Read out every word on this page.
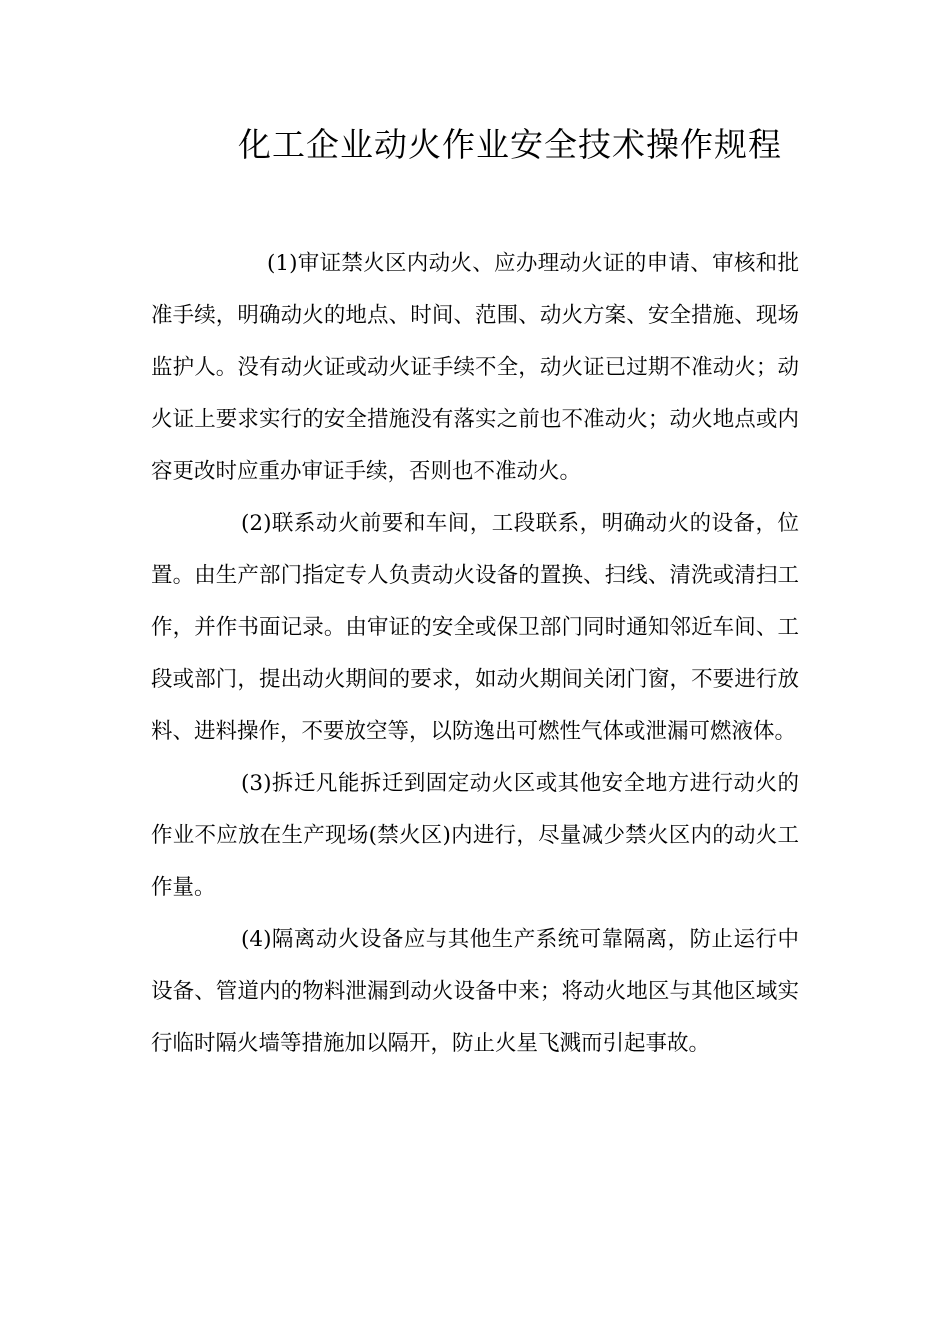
化工企业动火作业安全技术操作规程

(1)审证禁火区内动火、应办理动火证的申请、审核和批准手续，明确动火的地点、时间、范围、动火方案、安全措施、现场监护人。没有动火证或动火证手续不全，动火证已过期不准动火；动火证上要求实行的安全措施没有落实之前也不准动火；动火地点或内容更改时应重办审证手续，否则也不准动火。

(2)联系动火前要和车间，工段联系，明确动火的设备，位置。由生产部门指定专人负责动火设备的置换、扫线、清洗或清扫工作，并作书面记录。由审证的安全或保卫部门同时通知邻近车间、工段或部门，提出动火期间的要求，如动火期间关闭门窗，不要进行放料、进料操作，不要放空等，以防逸出可燃性气体或泄漏可燃液体。

(3)拆迁凡能拆迁到固定动火区或其他安全地方进行动火的作业不应放在生产现场(禁火区)内进行，尽量减少禁火区内的动火工作量。

(4)隔离动火设备应与其他生产系统可靠隔离，防止运行中设备、管道内的物料泄漏到动火设备中来；将动火地区与其他区域实行临时隔火墙等措施加以隔开，防止火星飞溅而引起事故。
